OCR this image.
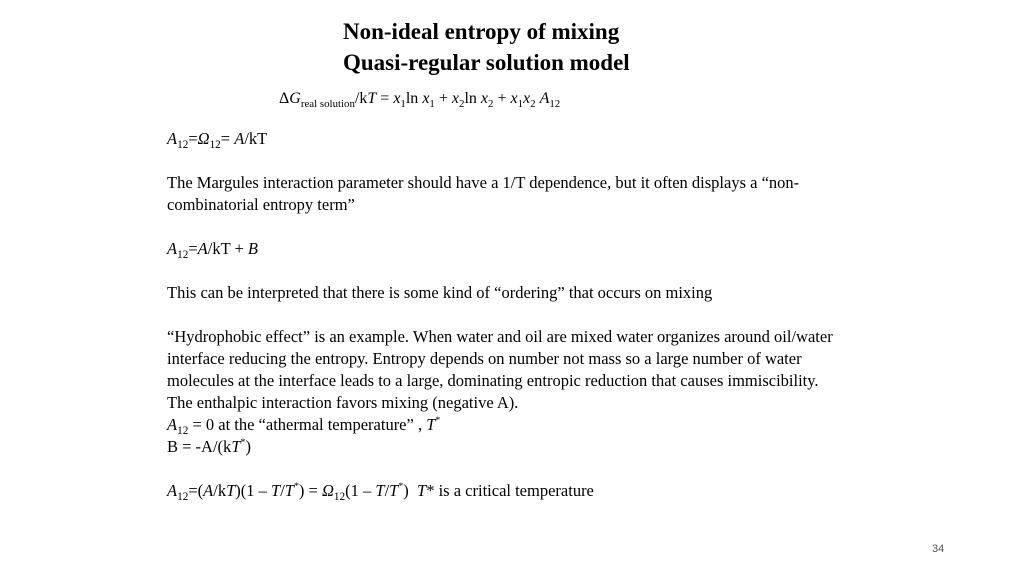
Non-ideal entropy of mixing
Quasi-regular solution model
$\Delta G_{real solution}/kT = x_1\ln$ $x_1 + x_2\ln$ $x_2 + x_1x_2$ $A_{12}$
$A_{12}=\Omega_{12}= A/kT$
The Margules interaction parameter should have a 1/T dependence, but it often displays a “non-combinatorial entropy term”
$A_{12}=A/kT + B$
This can be interpreted that there is some kind of “ordering” that occurs on mixing
“Hydrophobic effect” is an example. When water and oil are mixed water organizes around oil/water interface reducing the entropy. Entropy depends on number not mass so a large number of water molecules at the interface leads to a large, dominating entropic reduction that causes immiscibility. The enthalpic interaction favors mixing (negative A).
$A_{12} = 0$ at the “athermal temperature” , T*
B = -A/(kT*)
$A_{12}=(A/kT)(1 - T/T^*) = \Omega_{12}(1 - T/T^*)$  T* is a critical temperature
34
